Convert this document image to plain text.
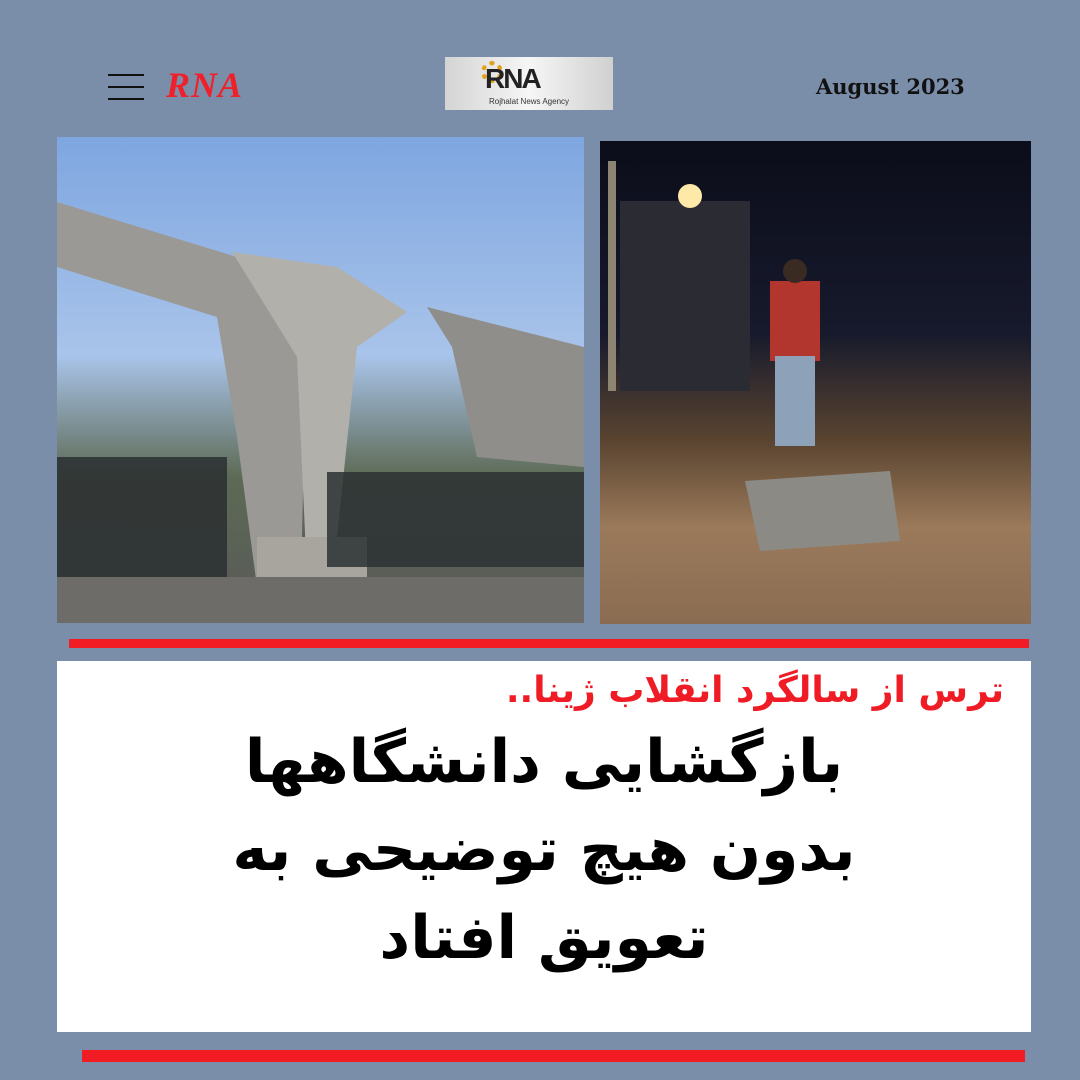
RNA	RNA
Rojhalat News Agency
August 2023
ترس از سالگرد انقلاب ژینا..
بازگشایی دانشگاهها
بدون هیچ توضیحی به
تعویق افتاد
